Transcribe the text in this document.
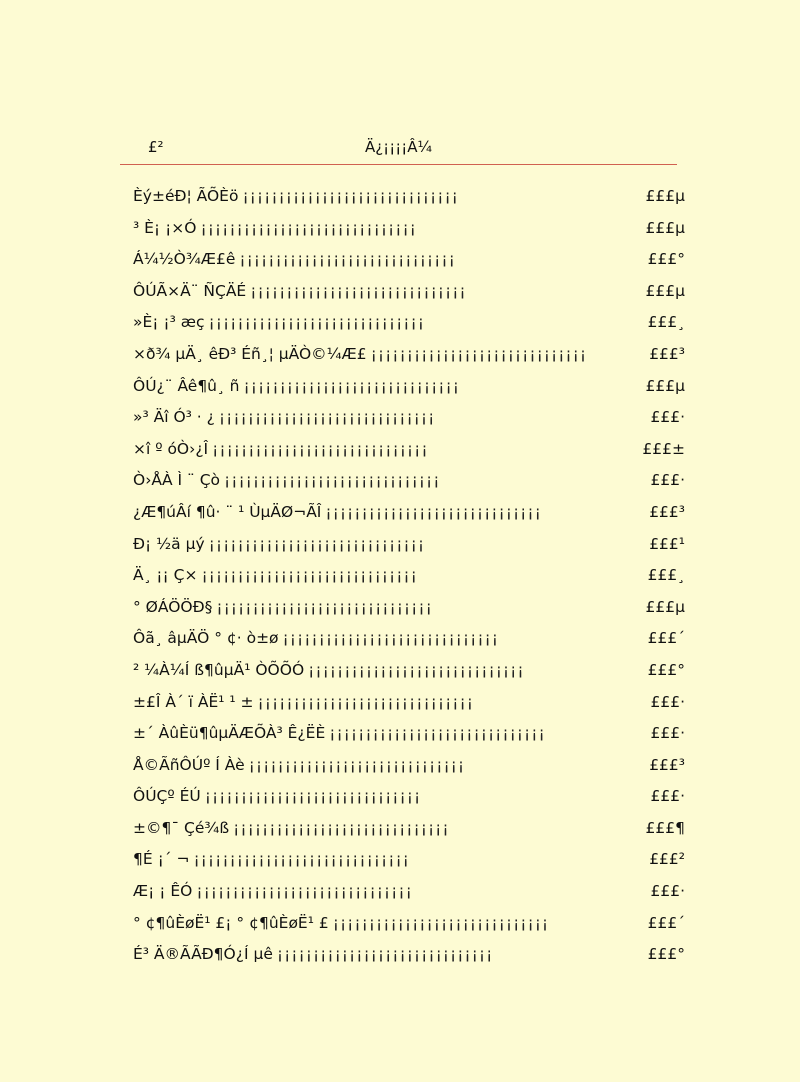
£²	Ä¿¡¡¡¡Â¼
Èý±éÐ¦ ÃÕÈö ¡¡¡¡¡¡¡¡¡¡¡¡¡¡¡¡¡¡¡¡¡¡¡¡¡¡¡¡¡¡	£££µ
³ È¡ ¡×Ó ¡¡¡¡¡¡¡¡¡¡¡¡¡¡¡¡¡¡¡¡¡¡¡¡¡¡¡¡¡¡	£££µ
Á¼½Ò¾Æ£ê ¡¡¡¡¡¡¡¡¡¡¡¡¡¡¡¡¡¡¡¡¡¡¡¡¡¡¡¡¡¡	£££°
ÔÚÃ×Ä¨ ÑÇÄÉ ¡¡¡¡¡¡¡¡¡¡¡¡¡¡¡¡¡¡¡¡¡¡¡¡¡¡¡¡¡¡	£££µ
»È¡ ¡³ æç ¡¡¡¡¡¡¡¡¡¡¡¡¡¡¡¡¡¡¡¡¡¡¡¡¡¡¡¡¡¡	£££¸
×ð¾ µÄ¸ êÐ³ Éñ¸¦ µÄÒ©¼Æ£ ¡¡¡¡¡¡¡¡¡¡¡¡¡¡¡¡¡¡¡¡¡¡¡¡¡¡¡¡¡¡	£££³
ÔÚ¿¨ Âê¶û¸ ñ ¡¡¡¡¡¡¡¡¡¡¡¡¡¡¡¡¡¡¡¡¡¡¡¡¡¡¡¡¡¡	£££µ
»³ Äî Ó³ · ¿ ¡¡¡¡¡¡¡¡¡¡¡¡¡¡¡¡¡¡¡¡¡¡¡¡¡¡¡¡¡¡	£££·
×î º óÒ›¿Î ¡¡¡¡¡¡¡¡¡¡¡¡¡¡¡¡¡¡¡¡¡¡¡¡¡¡¡¡¡¡	£££±
Ò›ÅÀ Ì ¨ Çò ¡¡¡¡¡¡¡¡¡¡¡¡¡¡¡¡¡¡¡¡¡¡¡¡¡¡¡¡¡¡	£££·
¿Æ¶úÂí ¶û· ¨ ¹ ÙµÄØ¬ÃÎ ¡¡¡¡¡¡¡¡¡¡¡¡¡¡¡¡¡¡¡¡¡¡¡¡¡¡¡¡¡¡	£££³
Ð¡ ½ä µý ¡¡¡¡¡¡¡¡¡¡¡¡¡¡¡¡¡¡¡¡¡¡¡¡¡¡¡¡¡¡	£££¹
Ä¸ ¡¡ Ç× ¡¡¡¡¡¡¡¡¡¡¡¡¡¡¡¡¡¡¡¡¡¡¡¡¡¡¡¡¡¡	£££¸
° ØÁÖÖÐ§ ¡¡¡¡¡¡¡¡¡¡¡¡¡¡¡¡¡¡¡¡¡¡¡¡¡¡¡¡¡¡	£££µ
Ôã¸ âµÄÖ ° ¢· ò±ø ¡¡¡¡¡¡¡¡¡¡¡¡¡¡¡¡¡¡¡¡¡¡¡¡¡¡¡¡¡¡	£££´
² ¼À¼Í ß¶ûµÄ¹ ÒÕÕÓ ¡¡¡¡¡¡¡¡¡¡¡¡¡¡¡¡¡¡¡¡¡¡¡¡¡¡¡¡¡¡	£££°
±£Î À´ ï ÀË¹ ¹ ± ¡¡¡¡¡¡¡¡¡¡¡¡¡¡¡¡¡¡¡¡¡¡¡¡¡¡¡¡¡¡	£££·
±´ ÀûÈü¶ûµÄÆÕÀ³ Ê¿ËÈ ¡¡¡¡¡¡¡¡¡¡¡¡¡¡¡¡¡¡¡¡¡¡¡¡¡¡¡¡¡¡	£££·
Å©ÃñÔÚº Í Àè ¡¡¡¡¡¡¡¡¡¡¡¡¡¡¡¡¡¡¡¡¡¡¡¡¡¡¡¡¡¡	£££³
ÔÚÇº ÉÚ ¡¡¡¡¡¡¡¡¡¡¡¡¡¡¡¡¡¡¡¡¡¡¡¡¡¡¡¡¡¡	£££·
±©¶¯ Çé¾ß ¡¡¡¡¡¡¡¡¡¡¡¡¡¡¡¡¡¡¡¡¡¡¡¡¡¡¡¡¡¡	£££¶
¶É ¡´ ¬ ¡¡¡¡¡¡¡¡¡¡¡¡¡¡¡¡¡¡¡¡¡¡¡¡¡¡¡¡¡¡	£££²
Æ¡ ¡ ÊÓ ¡¡¡¡¡¡¡¡¡¡¡¡¡¡¡¡¡¡¡¡¡¡¡¡¡¡¡¡¡¡	£££·
° ¢¶ûÈøË¹ £¡ ° ¢¶ûÈøË¹ £ ¡¡¡¡¡¡¡¡¡¡¡¡¡¡¡¡¡¡¡¡¡¡¡¡¡¡¡¡¡¡	£££´
É³ Ä®ÃÃÐ¶Ó¿Í µê ¡¡¡¡¡¡¡¡¡¡¡¡¡¡¡¡¡¡¡¡¡¡¡¡¡¡¡¡¡¡	£££°
